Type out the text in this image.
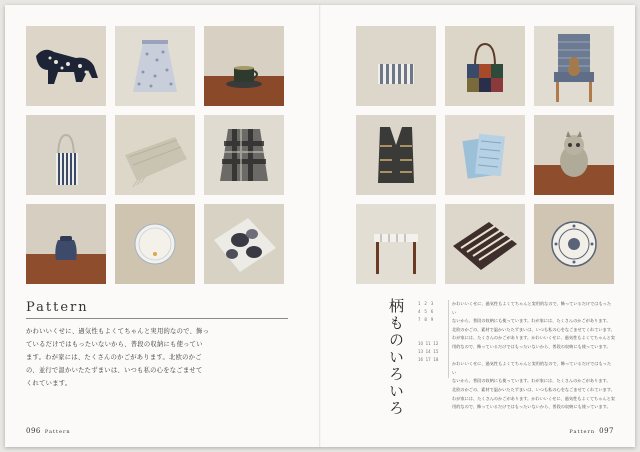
Pattern

かわいいくせに、過気性もよくてちゃんと実用的なので、飾っ

ているだけではもったいないから、普段の収納にも使ってい

ます。わが家には、たくさんのかごがあります。北欧のかご

の、並行で温かいたたずまいは、いつも私の心をなごませて

くれています。	柄ものいろいろ	1 2 3
4 5 6
7 8 9
10 11 12
13 14 15
16 17 18

かわいいくせに、過気性もよくてちゃんと実用的なので、飾っているだけではもったい

ないから、普段の収納にも使っています。わが家には、たくさんのかごがあります。

北欧のかごの、素材で温かいたたずまいは、いつも私の心をなごませてくれています。

わが家には、たくさんのかごがあります。かわいいくせに、過気性もよくてちゃんと実

用的なので、飾っているだけではもったいないから、普段の収納にも使っています。

かわいいくせに、過気性もよくてちゃんと実用的なので、飾っているだけではもったい

ないから、普段の収納にも使っています。わが家には、たくさんのかごがあります。

北欧のかごの、素材で温かいたたずまいは、いつも私の心をなごませてくれています。

わが家には、たくさんのかごがあります。かわいいくせに、過気性もよくてちゃんと実

用的なので、飾っているだけではもったいないから、普段の収納にも使っています。

096 Pattern	Pattern 097
